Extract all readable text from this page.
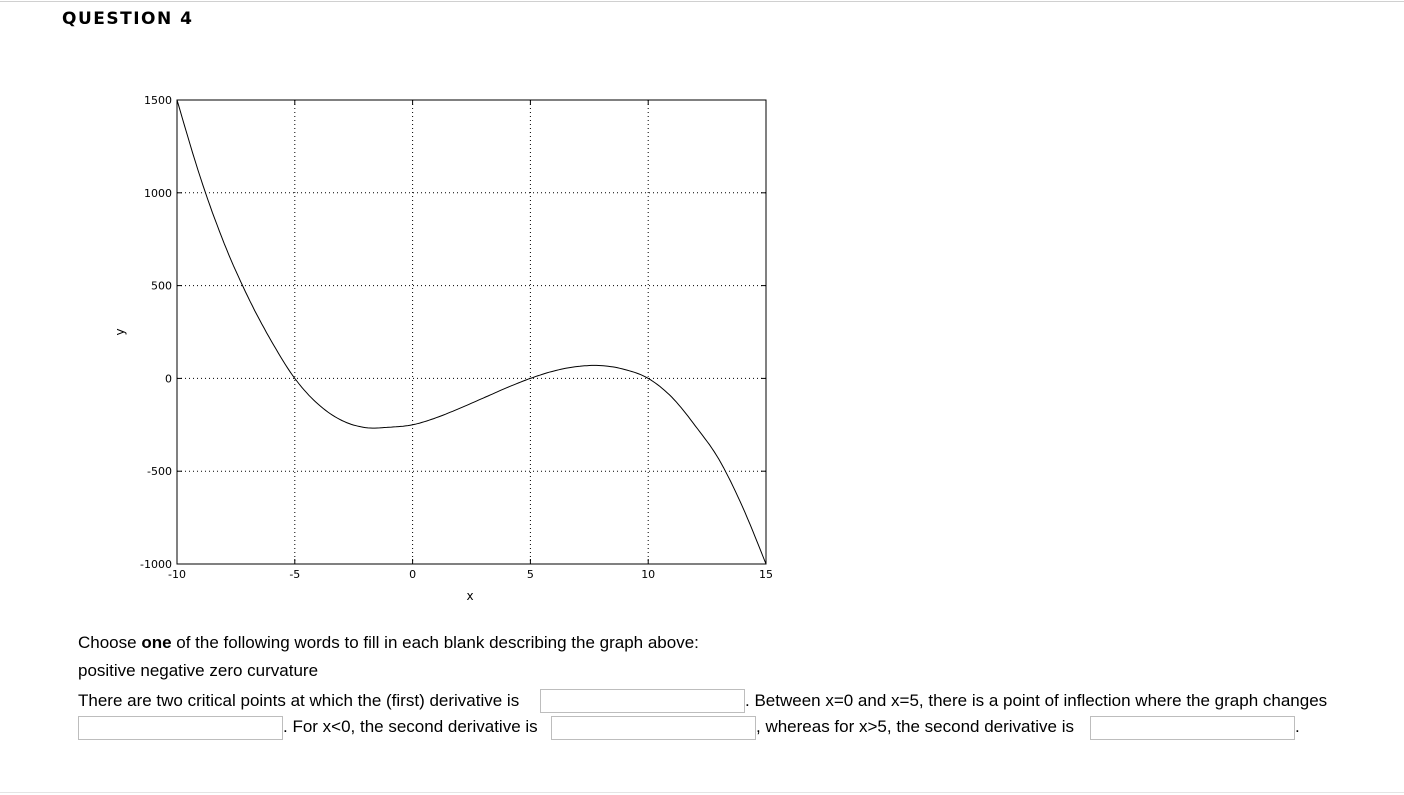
QUESTION 4
-10	-5	0	5	10	15
-1000
-500
0
500
1000
1500
x
y
Choose one of the following words to fill in each blank describing the graph above:
positive negative zero curvature
There are two critical points at which the (first) derivative is	. Between x=0 and x=5, there is a point of inflection where the graph changes
. For x<0, the second derivative is	, whereas for x>5, the second derivative is	.
